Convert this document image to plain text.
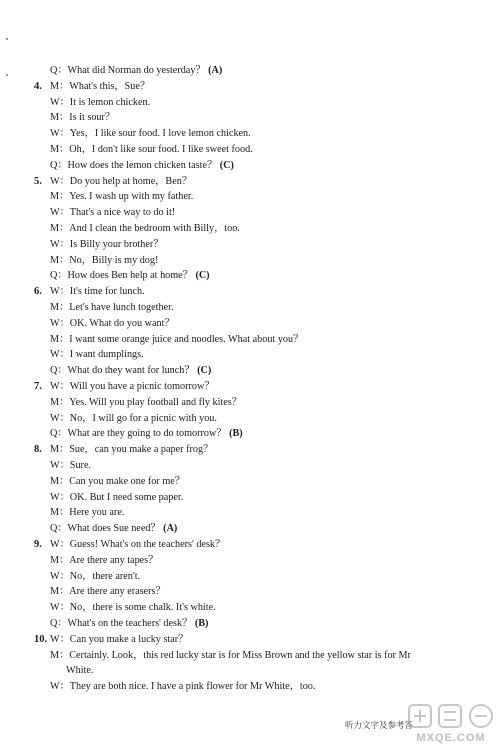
Q：What did Norman do yesterday？ (A)
4. M：What's this，Sue？
W：It is lemon chicken.
M：Is it sour？
W：Yes，I like sour food. I love lemon chicken.
M：Oh，I don't like sour food. I like sweet food.
Q：How does the lemon chicken taste？ (C)
5. W：Do you help at home，Ben？
M：Yes. I wash up with my father.
W：That's a nice way to do it!
M：And I clean the bedroom with Billy，too.
W：Is Billy your brother？
M：No，Billy is my dog!
Q：How does Ben help at home？ (C)
6. W：It's time for lunch.
M：Let's have lunch together.
W：OK. What do you want？
M：I want some orange juice and noodles. What about you？
W：I want dumplings.
Q：What do they want for lunch？ (C)
7. W：Will you have a picnic tomorrow？
M：Yes. Will you play football and fly kites？
W：No，I will go for a picnic with you.
Q：What are they going to do tomorrow？ (B)
8. M：Sue，can you make a paper frog？
W：Sure.
M：Can you make one for me？
W：OK. But I need some paper.
M：Here you are.
Q：What does Sue need？ (A)
9. W：Guess! What's on the teachers' desk？
M：Are there any tapes？
W：No，there aren't.
M：Are there any erasers？
W：No，there is some chalk. It's white.
Q：What's on the teachers' desk？ (B)
10. W：Can you make a lucky star？
M：Certainly. Look，this red lucky star is for Miss Brown and the yellow star is for Mr
White.
W：They are both nice. I have a pink flower for Mr White，too.
听力文字及参考答
MXQE.COM
